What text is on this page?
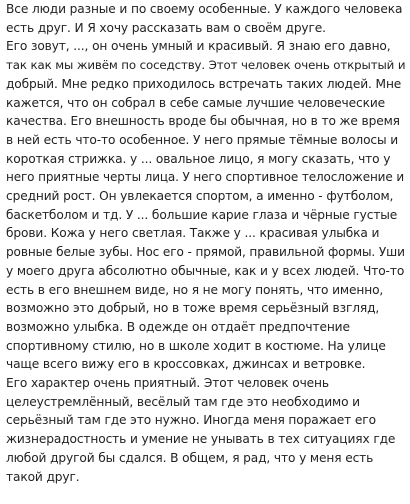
Все люди разные и по своему особенные. У каждого человека
есть друг. И Я хочу рассказать вам о своём друге.
Его зовут, ..., он очень умный и красивый. Я знаю его давно,
так как мы живём по соседству. Этот человек очень открытый и
добрый. Мне редко приходилось встречать таких людей. Мне
кажется, что он собрал в себе самые лучшие человеческие
качества. Его внешность вроде бы обычная, но в то же время
в ней есть что-то особенное. У него прямые тёмные волосы и
короткая стрижка. у ... овальное лицо, я могу сказать, что у
него приятные черты лица. У него спортивное телосложение и
средний рост. Он увлекается спортом, а именно - футболом,
баскетболом и тд. У ... большие карие глаза и чёрные густые
брови. Кожа у него светлая. Также у ... красивая улыбка и
ровные белые зубы. Нос его - прямой, правильной формы. Уши
у моего друга абсолютно обычные, как и у всех людей. Что-то
есть в его внешнем виде, но я не могу понять, что именно,
возможно это добрый, но в тоже время серьёзный взгляд,
возможно улыбка. В одежде он отдаёт предпочтение
спортивному стилю, но в школе ходит в костюме. На улице
чаще всего вижу его в кроссовках, джинсах и ветровке.
Его характер очень приятный. Этот человек очень
целеустремлённый, весёлый там где это необходимо и
серьёзный там где это нужно. Иногда меня поражает его
жизнерадостность и умение не унывать в тех ситуациях где
любой другой бы сдался. В общем, я рад, что у меня есть
такой друг.
